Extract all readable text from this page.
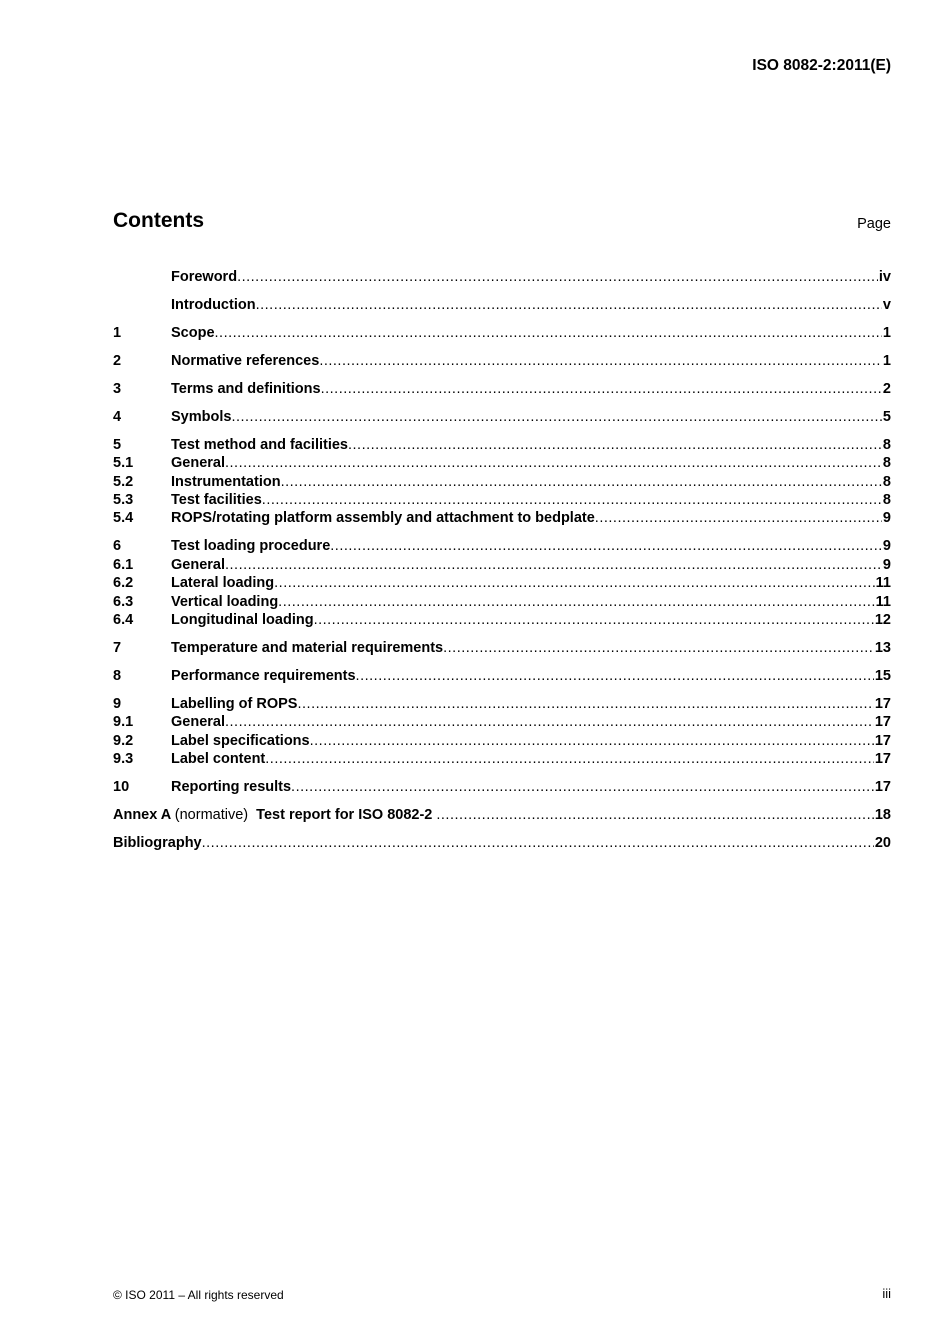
ISO 8082-2:2011(E)
Contents	Page
Foreword .....	iv
Introduction .....	v
1	Scope .....	1
2	Normative references .....	1
3	Terms and definitions .....	2
4	Symbols .....	5
5	Test method and facilities .....	8
5.1	General .....	8
5.2	Instrumentation .....	8
5.3	Test facilities .....	8
5.4	ROPS/rotating platform assembly and attachment to bedplate .....	9
6	Test loading procedure .....	9
6.1	General .....	9
6.2	Lateral loading .....	11
6.3	Vertical loading .....	11
6.4	Longitudinal loading .....	12
7	Temperature and material requirements .....	13
8	Performance requirements .....	15
9	Labelling of ROPS .....	17
9.1	General .....	17
9.2	Label specifications .....	17
9.3	Label content .....	17
10	Reporting results .....	17
Annex A (normative) Test report for ISO 8082-2 .....	18
Bibliography .....	20
© ISO 2011 – All rights reserved	iii
